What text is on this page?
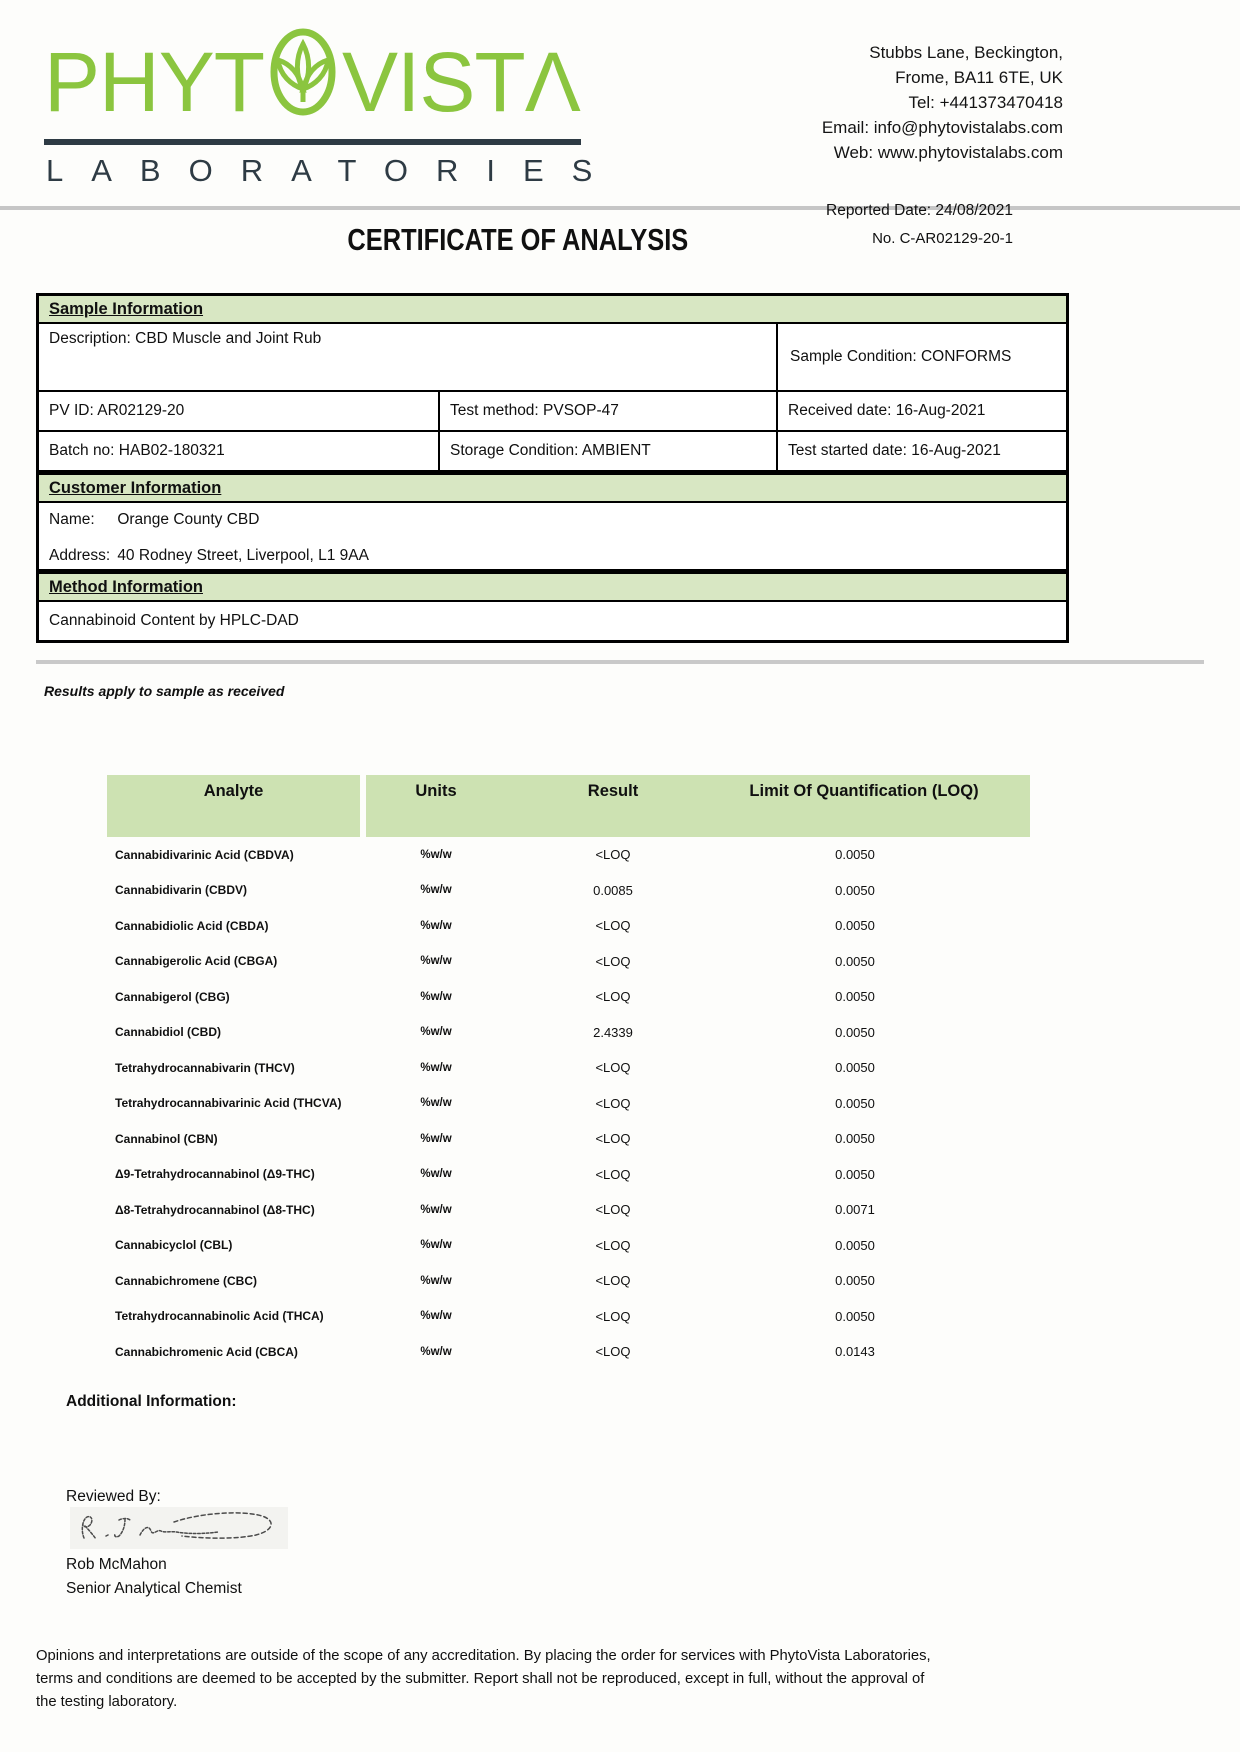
PHYT VISTΛ
LABORATORIES
Stubbs Lane, Beckington,
Frome, BA11 6TE, UK
Tel: +441373470418
Email: info@phytovistalabs.com
Web: www.phytovistalabs.com
Reported Date: 24/08/2021
CERTIFICATE OF ANALYSIS	No. C-AR02129-20-1
Sample Information
Description: CBD Muscle and Joint Rub
Sample Condition: CONFORMS
PV ID: AR02129-20	Test method: PVSOP-47	Received date: 16-Aug-2021
Batch no: HAB02-180321	Storage Condition: AMBIENT	Test started date: 16-Aug-2021
Customer Information
Name: Orange County CBD
Address: 40 Rodney Street, Liverpool, L1 9AA
Method Information
Cannabinoid Content by HPLC-DAD
Results apply to sample as received
Analyte	Units	Result	Limit Of Quantification (LOQ)
Cannabidivarinic Acid (CBDVA)	%w/w	<LOQ	0.0050
Cannabidivarin (CBDV)	%w/w	0.0085	0.0050
Cannabidiolic Acid (CBDA)	%w/w	<LOQ	0.0050
Cannabigerolic Acid (CBGA)	%w/w	<LOQ	0.0050
Cannabigerol (CBG)	%w/w	<LOQ	0.0050
Cannabidiol (CBD)	%w/w	2.4339	0.0050
Tetrahydrocannabivarin (THCV)	%w/w	<LOQ	0.0050
Tetrahydrocannabivarinic Acid (THCVA)	%w/w	<LOQ	0.0050
Cannabinol (CBN)	%w/w	<LOQ	0.0050
Δ9-Tetrahydrocannabinol (Δ9-THC)	%w/w	<LOQ	0.0050
Δ8-Tetrahydrocannabinol (Δ8-THC)	%w/w	<LOQ	0.0071
Cannabicyclol (CBL)	%w/w	<LOQ	0.0050
Cannabichromene (CBC)	%w/w	<LOQ	0.0050
Tetrahydrocannabinolic Acid (THCA)	%w/w	<LOQ	0.0050
Cannabichromenic Acid (CBCA)	%w/w	<LOQ	0.0143
Additional Information:
Reviewed By:
Rob McMahon
Senior Analytical Chemist
Opinions and interpretations are outside of the scope of any accreditation. By placing the order for services with PhytoVista Laboratories,
terms and conditions are deemed to be accepted by the submitter. Report shall not be reproduced, except in full, without the approval of
the testing laboratory.
